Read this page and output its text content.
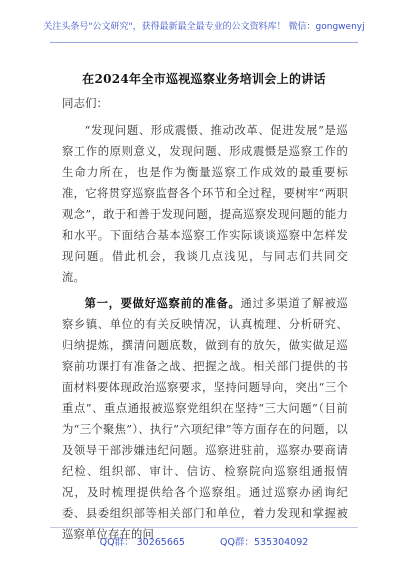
关注头条号"公文研究"，获得最新最全最专业的公文资料库！ 微信：gongwenyj
在2024年全市巡视巡察业务培训会上的讲话
同志们：

“发现问题、形成震慑、推动改革、促进发展”是巡察工作的原则意义，发现问题、形成震慑是巡察工作的生命力所在，也是作为衡量巡察工作成效的最重要标准，它将贯穿巡察监督各个环节和全过程，要树牢“两职观念”，敢于和善于发现问题，提高巡察发现问题的能力和水平。下面结合基本巡察工作实际谈谈巡察中怎样发现问题。借此机会，我谈几点浅见，与同志们共同交流。

第一，要做好巡察前的准备。通过多渠道了解被巡察乡镇、单位的有关反映情况，认真梳理、分析研究、归纳提炼，撰清问题底数，做到有的放矢，做实做足巡察前功课打有准备之战、把握之战。相关部门提供的书面材料要体现政治巡察要求，坚持问题导向，突出“三个重点”、重点通报被巡察党组织在坚持“三大问题”（目前为“三个聚焦”）、执行“六项纪律”等方面存在的问题，以及领导干部涉嫌违纪问题。巡察进驻前，巡察办要商请纪检、组织部、审计、信访、检察院向巡察组通报情况，及时梳理提供给各个巡察组。通过巡察办函询纪委、县委组织部等相关部门和单位，着力发现和掌握被巡察单位存在的问

QQ群： 30265665	QQ群：535304092
